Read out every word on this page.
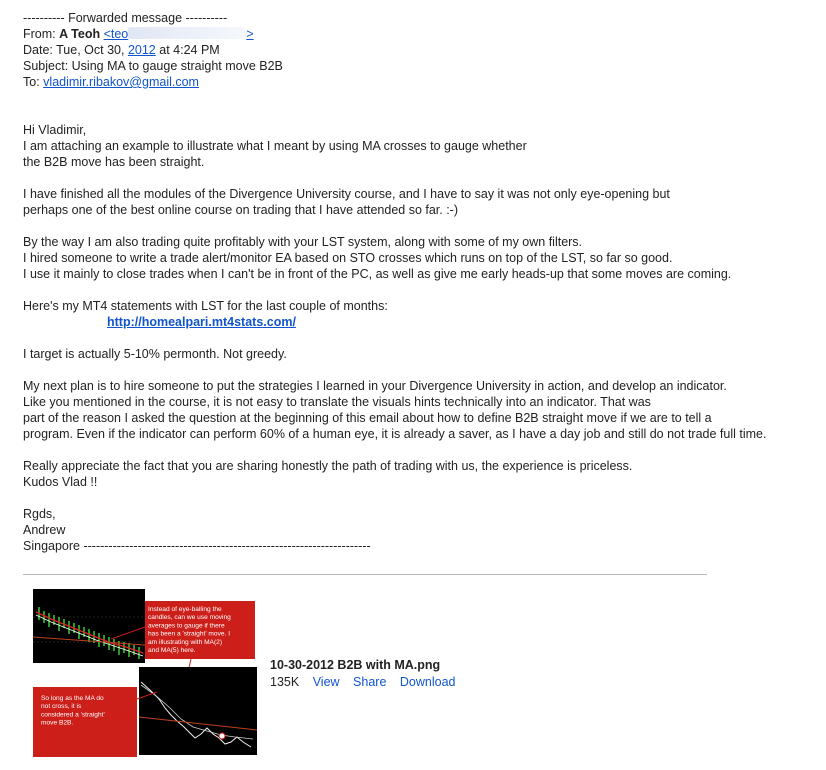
---------- Forwarded message ----------
From: A Teoh <teo	>
Date: Tue, Oct 30, 2012 at 4:24 PM
Subject: Using MA to gauge straight move B2B
To: vladimir.ribakov@gmail.com
Hi Vladimir,

I am attaching an example to illustrate what I meant by using MA crosses to gauge whether
the B2B move has been straight.

I have finished all the modules of the Divergence University course, and I have to say it was not only eye-opening but
perhaps one of the best online course on trading that I have attended so far. :-)

By the way I am also trading quite profitably with your LST system, along with some of my own filters.
I hired someone to write a trade alert/monitor EA based on STO crosses which runs on top of the LST, so far so good.
I use it mainly to close trades when I can't be in front of the PC, as well as give me early heads-up that some moves are coming.

Here's my MT4 statements with LST for the last couple of months:
http://homealpari.mt4stats.com/

I target is actually 5-10% permonth. Not greedy.

My next plan is to hire someone to put the strategies I learned in your Divergence University in action, and develop an indicator.
Like you mentioned in the course, it is not easy to translate the visuals hints technically into an indicator. That was
part of the reason I asked the question at the beginning of this email about how to define B2B straight move if we are to tell a
program. Even if the indicator can perform 60% of a human eye, it is already a saver, as I have a day job and still do not trade full time.

Really appreciate the fact that you are sharing honestly the path of trading with us, the experience is priceless.
Kudos Vlad !!

Rgds,
Andrew
Singapore ---------------------------------------------------------------------

Instead of eye-balling the candles, can we use moving averages to gauge if there has been a 'straight' move. I am illustrating with MA(2) and MA(5) here.
So long as the MA do not cross, it is considered a 'straight' move B2B.
10-30-2012 B2B with MA.png
135K View Share Download
